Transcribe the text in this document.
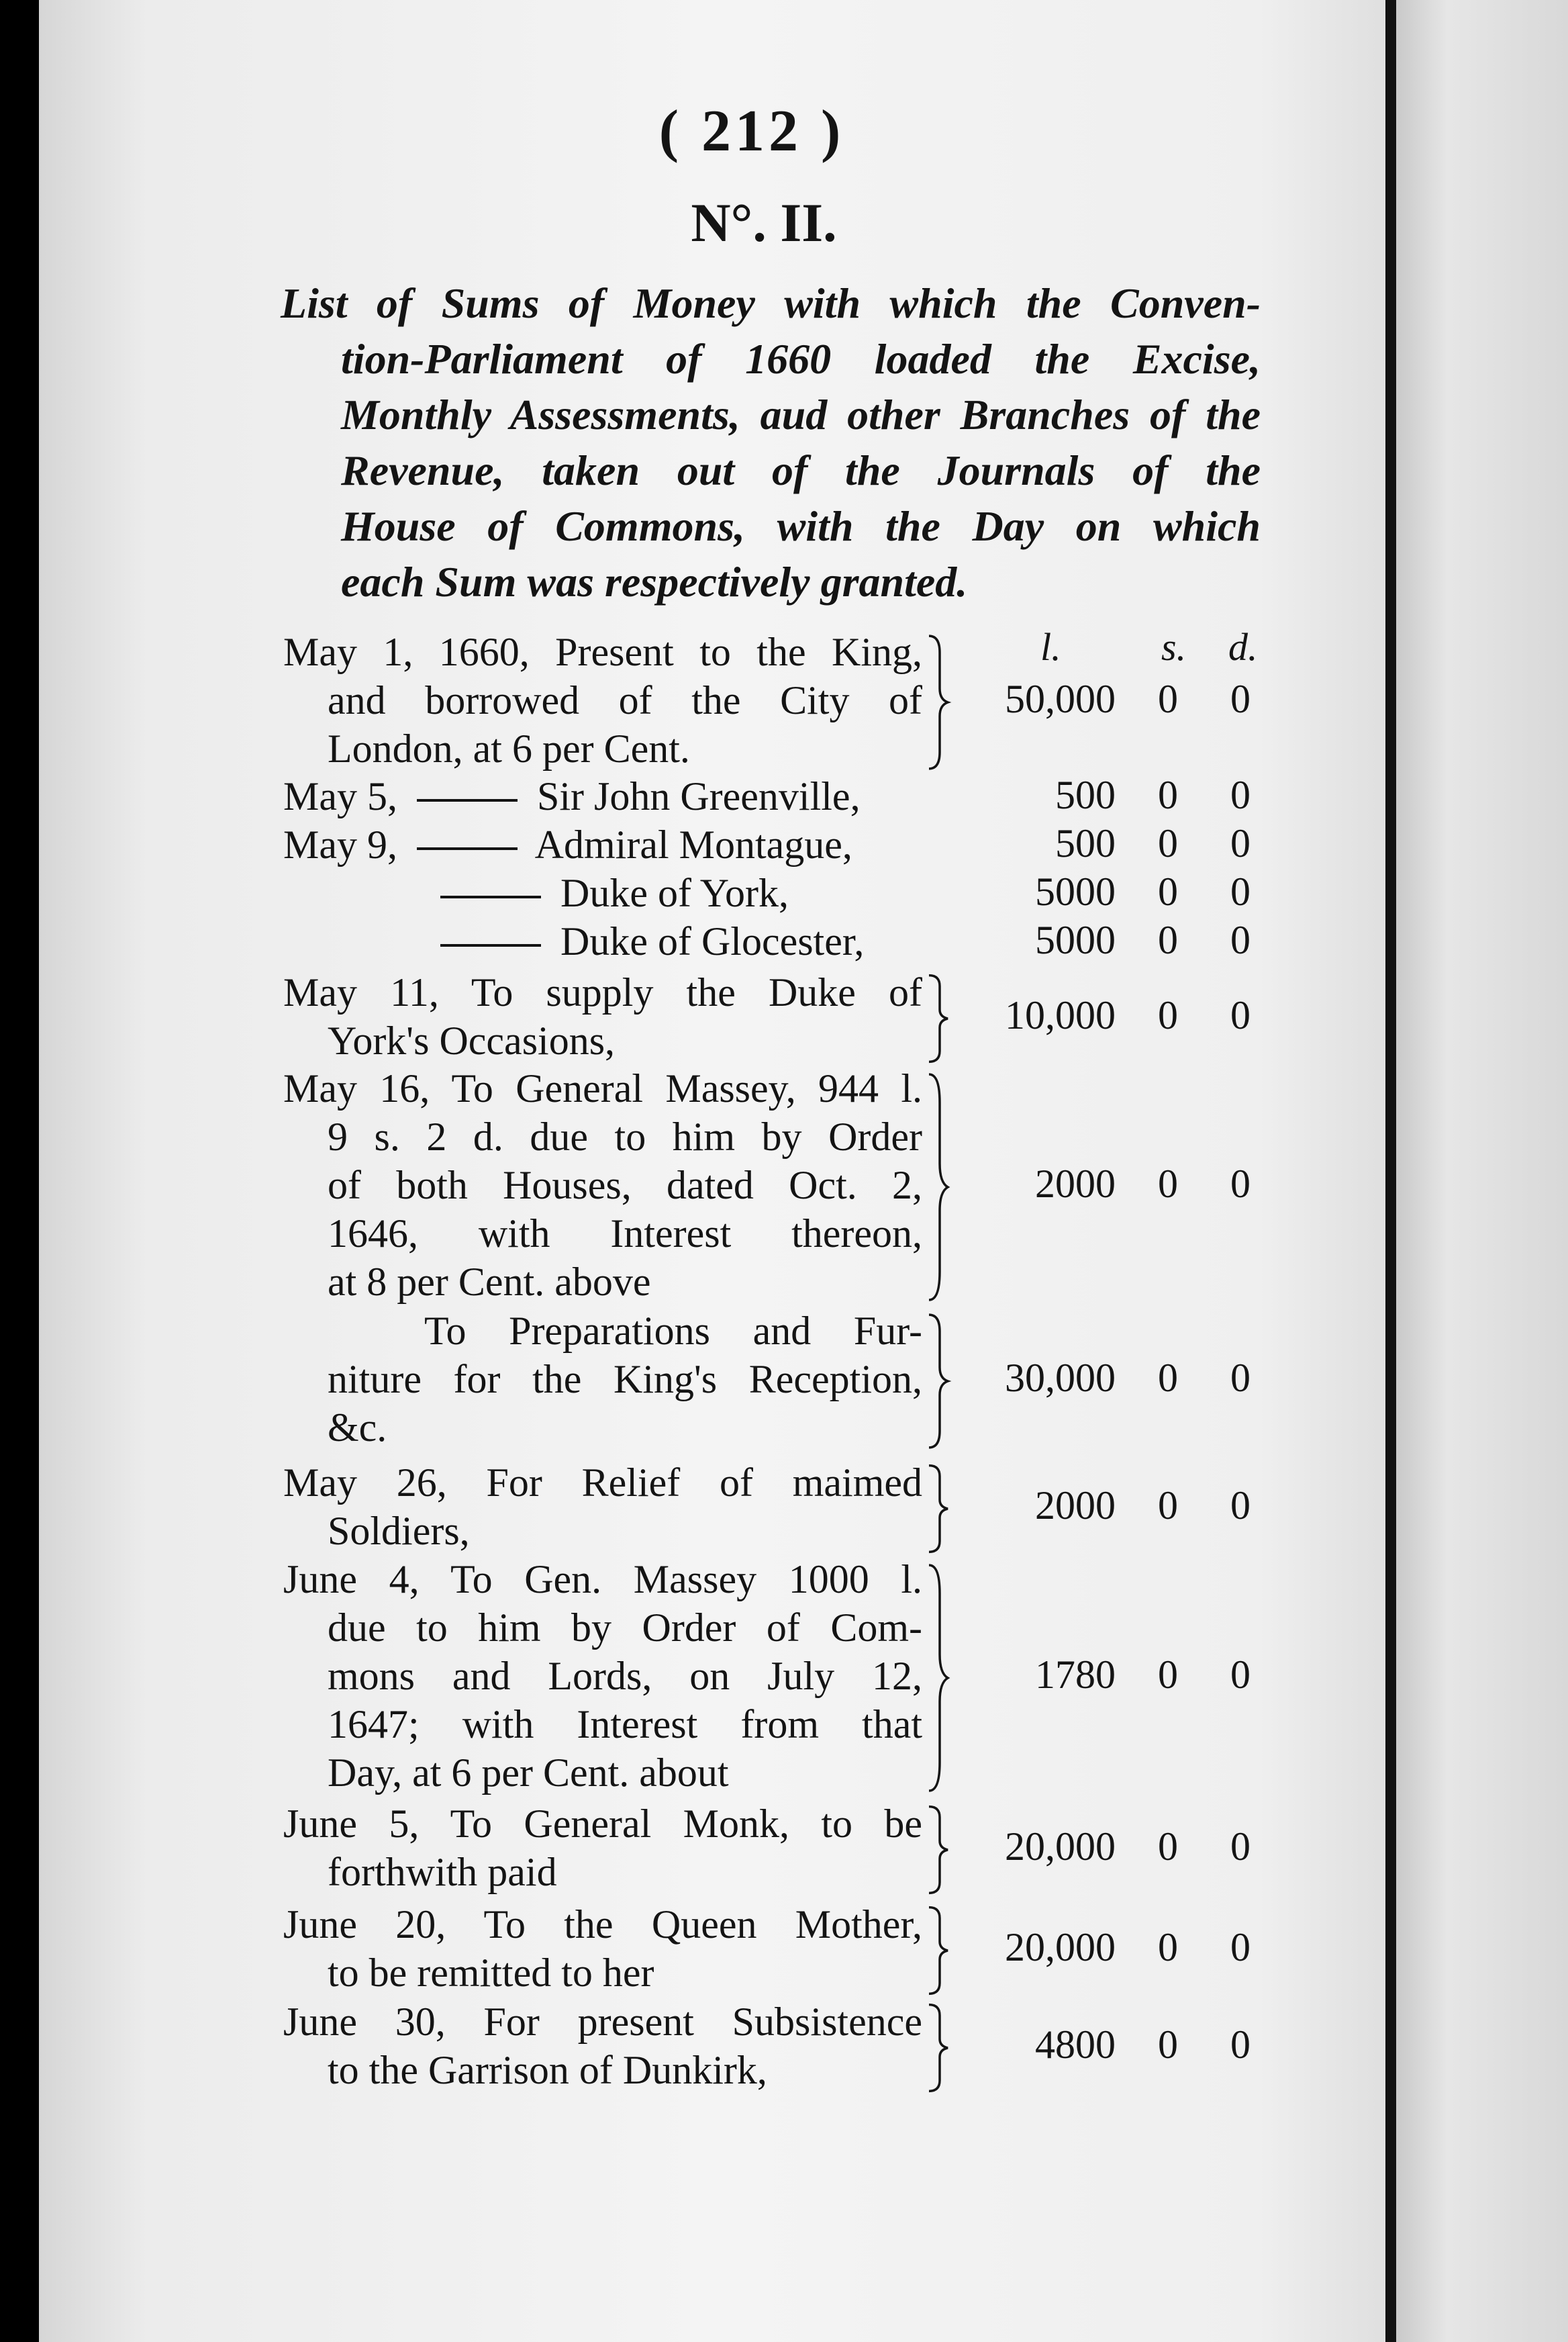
( 212 )
N°. II.
List of Sums of Money with which the Conven-
tion-Parliament of 1660 loaded the Excise,
Monthly Assessments, aud other Branches of the
Revenue, taken out of the Journals of the
House of Commons, with the Day on which
each Sum was respectively granted.
l.	s. d.
May 1, 1660, Present to the King,
and borrowed of the City of
London, at 6 per Cent.
50,000 0 0
May 5,	Sir John Greenville,	500 0 0
May 9,	Admiral Montague,	500 0 0
Duke of York,	5000 0 0
Duke of Glocester,	5000 0 0
May 11, To supply the Duke of
York's Occasions,
10,000 0 0
May 16, To General Massey, 944 l.
9 s. 2 d. due to him by Order
of both Houses, dated Oct. 2,
1646, with Interest thereon,
at 8 per Cent. above
2000 0 0
To Preparations and Fur-
niture for the King's Reception,
&c.
30,000 0 0
May 26, For Relief of maimed
Soldiers,
2000 0 0
June 4, To Gen. Massey 1000 l.
due to him by Order of Com-
mons and Lords, on July 12,
1647; with Interest from that
Day, at 6 per Cent. about
1780 0 0
June 5, To General Monk, to be
forthwith paid
20,000 0 0
June 20, To the Queen Mother,
to be remitted to her
20,000 0 0
June 30, For present Subsistence
to the Garrison of Dunkirk,
4800 0 0
